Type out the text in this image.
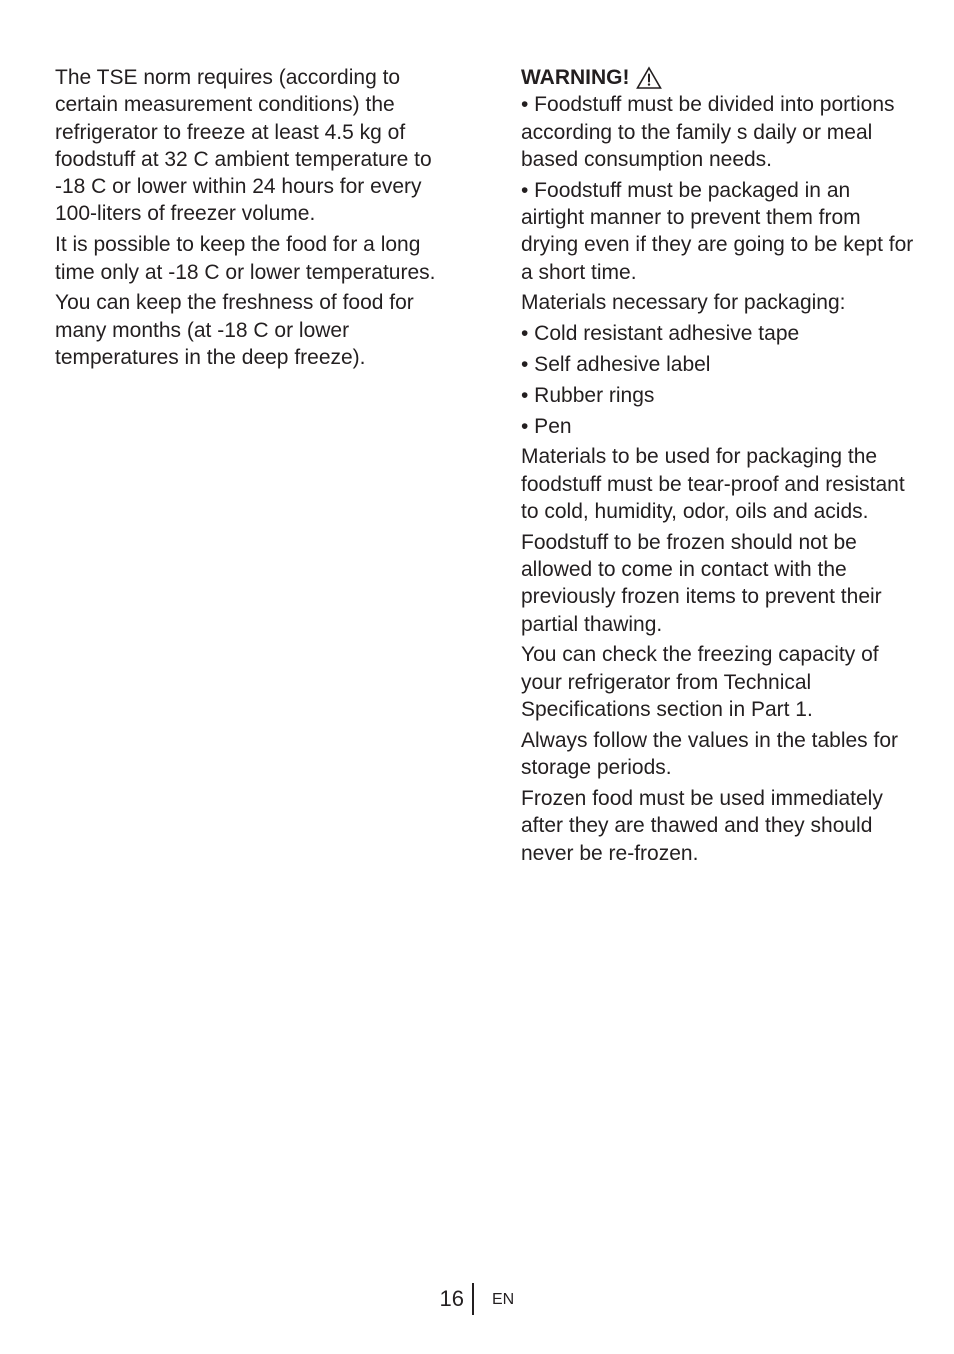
The TSE norm requires (according to certain measurement conditions) the refrigerator to freeze at least 4.5 kg of foodstuff at 32 C ambient temperature to -18 C or lower within 24 hours for every 100-liters of freezer volume.

It is possible to keep the food for a long time only at -18 C or lower temperatures.

You can keep the freshness of food for many months (at -18 C or lower temperatures in the deep freeze).

WARNING!

• Foodstuff must be divided into portions according to the family s daily or meal based consumption needs.

• Foodstuff must be packaged in an airtight manner to prevent them from drying even if they are going to be kept for a short time.

Materials necessary for packaging:

• Cold resistant adhesive tape

• Self adhesive label

• Rubber rings

• Pen

Materials to be used for packaging the foodstuff must be tear-proof and resistant to cold, humidity, odor, oils and acids.

Foodstuff to be frozen should not be allowed to come in contact with the previously frozen items to prevent their partial thawing.

You can check the freezing capacity of your refrigerator from Technical Specifications section in Part 1.

Always follow the values in the tables for storage periods.

Frozen food must be used immediately after they are thawed and they should never be re-frozen.

16 EN
